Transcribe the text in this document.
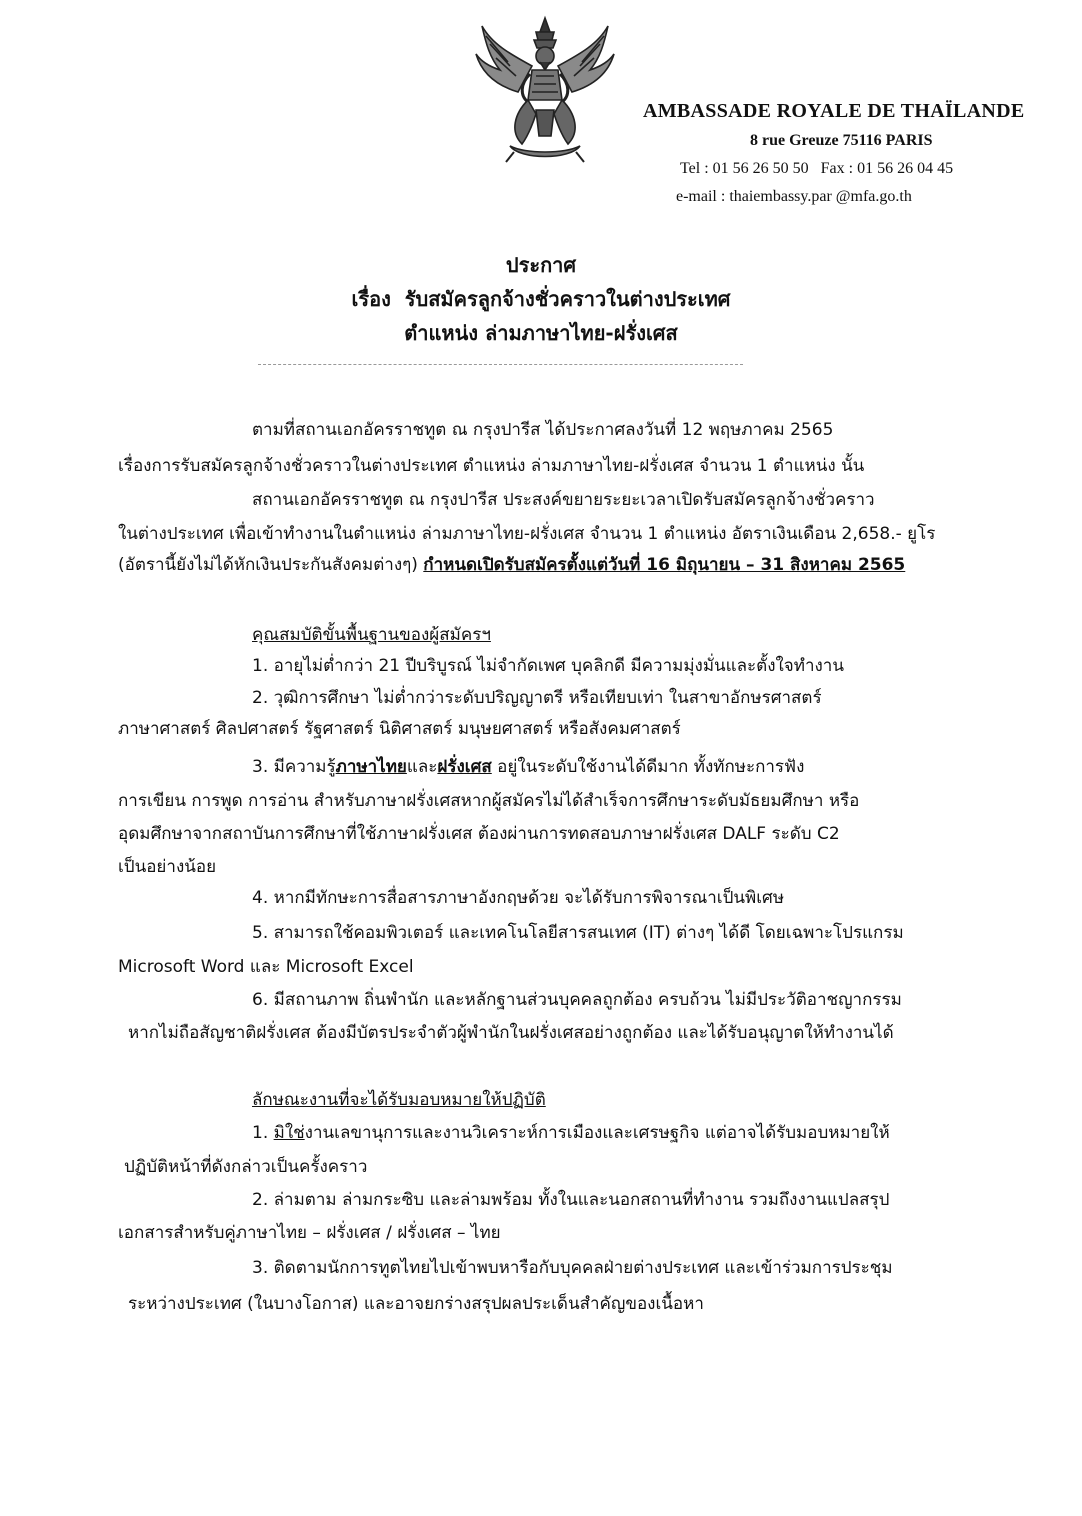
AMBASSADE ROYALE DE THAÏLANDE
8 rue Greuze 75116 PARIS
Tel : 01 56 26 50 50   Fax : 01 56 26 04 45
e-mail : thaiembassy.par @mfa.go.th
ประกาศ
เรื่อง  รับสมัครลูกจ้างชั่วคราวในต่างประเทศ
ตำแหน่ง ล่ามภาษาไทย-ฝรั่งเศส
ตามที่สถานเอกอัครราชทูต ณ กรุงปารีส ได้ประกาศลงวันที่ 12 พฤษภาคม 2565
เรื่องการรับสมัครลูกจ้างชั่วคราวในต่างประเทศ ตำแหน่ง ล่ามภาษาไทย-ฝรั่งเศส จำนวน 1 ตำแหน่ง นั้น
สถานเอกอัครราชทูต ณ กรุงปารีส ประสงค์ขยายระยะเวลาเปิดรับสมัครลูกจ้างชั่วคราว
ในต่างประเทศ เพื่อเข้าทำงานในตำแหน่ง ล่ามภาษาไทย-ฝรั่งเศส จำนวน 1 ตำแหน่ง อัตราเงินเดือน 2,658.- ยูโร
(อัตรานี้ยังไม่ได้หักเงินประกันสังคมต่างๆ) กำหนดเปิดรับสมัครตั้งแต่วันที่ 16 มิถุนายน – 31 สิงหาคม 2565
คุณสมบัติขั้นพื้นฐานของผู้สมัครฯ
1. อายุไม่ต่ำกว่า 21 ปีบริบูรณ์ ไม่จำกัดเพศ บุคลิกดี มีความมุ่งมั่นและตั้งใจทำงาน
2. วุฒิการศึกษา ไม่ต่ำกว่าระดับปริญญาตรี หรือเทียบเท่า ในสาขาอักษรศาสตร์
ภาษาศาสตร์ ศิลปศาสตร์ รัฐศาสตร์ นิติศาสตร์ มนุษยศาสตร์ หรือสังคมศาสตร์
3. มีความรู้ภาษาไทยและฝรั่งเศส อยู่ในระดับใช้งานได้ดีมาก ทั้งทักษะการฟัง
การเขียน การพูด การอ่าน สำหรับภาษาฝรั่งเศสหากผู้สมัครไม่ได้สำเร็จการศึกษาระดับมัธยมศึกษา หรือ
อุดมศึกษาจากสถาบันการศึกษาที่ใช้ภาษาฝรั่งเศส ต้องผ่านการทดสอบภาษาฝรั่งเศส DALF ระดับ C2
เป็นอย่างน้อย
4. หากมีทักษะการสื่อสารภาษาอังกฤษด้วย จะได้รับการพิจารณาเป็นพิเศษ
5. สามารถใช้คอมพิวเตอร์ และเทคโนโลยีสารสนเทศ (IT) ต่างๆ ได้ดี โดยเฉพาะโปรแกรม
Microsoft Word และ Microsoft Excel
6. มีสถานภาพ ถิ่นพำนัก และหลักฐานส่วนบุคคลถูกต้อง ครบถ้วน ไม่มีประวัติอาชญากรรม
หากไม่ถือสัญชาติฝรั่งเศส ต้องมีบัตรประจำตัวผู้พำนักในฝรั่งเศสอย่างถูกต้อง และได้รับอนุญาตให้ทำงานได้
ลักษณะงานที่จะได้รับมอบหมายให้ปฏิบัติ
1. มิใช่งานเลขานุการและงานวิเคราะห์การเมืองและเศรษฐกิจ แต่อาจได้รับมอบหมายให้
ปฏิบัติหน้าที่ดังกล่าวเป็นครั้งคราว
2. ล่ามตาม ล่ามกระซิบ และล่ามพร้อม ทั้งในและนอกสถานที่ทำงาน รวมถึงงานแปลสรุป
เอกสารสำหรับคู่ภาษาไทย – ฝรั่งเศส / ฝรั่งเศส – ไทย
3. ติดตามนักการทูตไทยไปเข้าพบหารือกับบุคคลฝ่ายต่างประเทศ และเข้าร่วมการประชุม
ระหว่างประเทศ (ในบางโอกาส) และอาจยกร่างสรุปผลประเด็นสำคัญของเนื้อหา
